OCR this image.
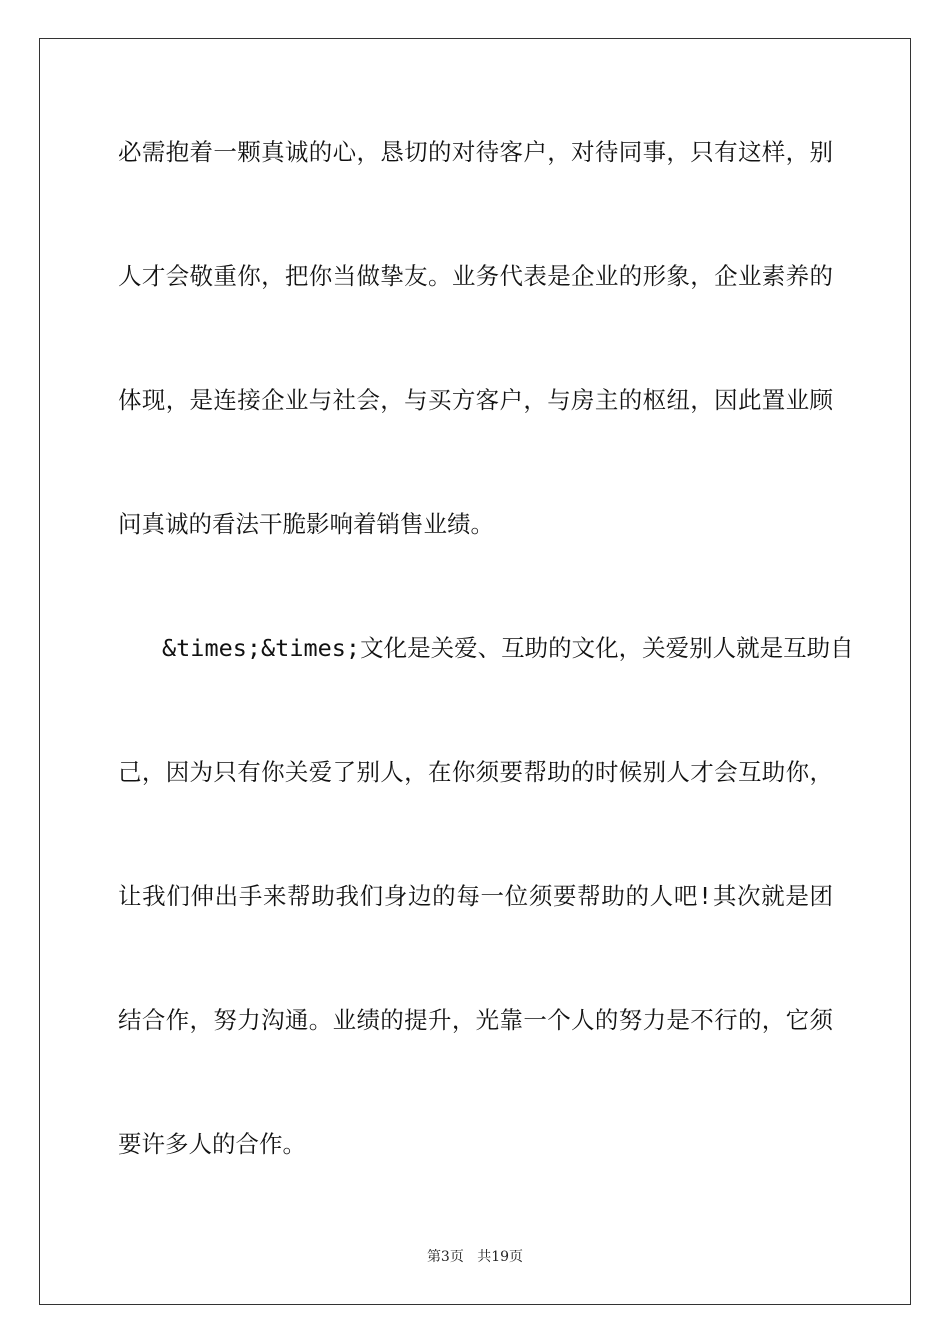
必需抱着一颗真诚的心，恳切的对待客户，对待同事，只有这样，别
人才会敬重你，把你当做挚友。业务代表是企业的形象，企业素养的
体现，是连接企业与社会，与买方客户，与房主的枢纽，因此置业顾
问真诚的看法干脆影响着销售业绩。
&times;&times;文化是关爱、互助的文化，关爱别人就是互助自
己，因为只有你关爱了别人，在你须要帮助的时候别人才会互助你，
让我们伸出手来帮助我们身边的每一位须要帮助的人吧!其次就是团
结合作，努力沟通。业绩的提升，光靠一个人的努力是不行的，它须
要许多人的合作。
第3页 共19页
